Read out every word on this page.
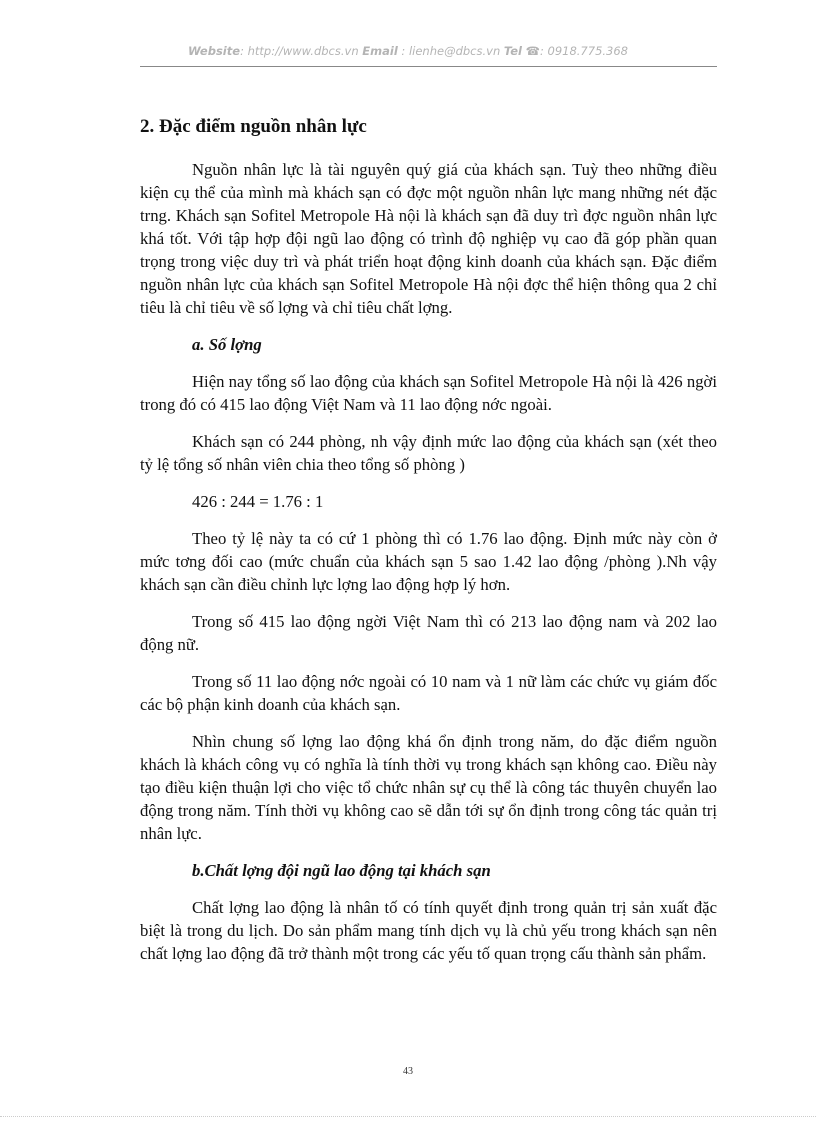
Website: http://www.dbcs.vn Email : lienhe@dbcs.vn Tel ☎: 0918.775.368
2. Đặc điểm nguồn nhân lực

Nguồn nhân lực là tài nguyên quý giá của khách sạn. Tuỳ theo những điều kiện cụ thể của mình mà khách sạn có đợc một nguồn nhân lực mang những nét đặc trng. Khách sạn Sofitel Metropole Hà nội là khách sạn đã duy trì đợc nguồn nhân lực khá tốt. Với tập hợp đội ngũ lao động có trình độ nghiệp vụ cao đã góp phần quan trọng trong việc duy trì và phát triển hoạt động kinh doanh của khách sạn. Đặc điểm nguồn nhân lực của khách sạn Sofitel Metropole Hà nội đợc thể hiện thông qua 2 chỉ tiêu là chỉ tiêu về số lợng và chỉ tiêu chất lợng.

a. Số lợng

Hiện nay tổng số lao động của khách sạn Sofitel Metropole Hà nội là 426 ngời trong đó có 415 lao động Việt Nam và 11 lao động nớc ngoài.

Khách sạn có 244 phòng, nh vậy định mức lao động của khách sạn (xét theo tỷ lệ tổng số nhân viên chia theo tổng số phòng )

426 : 244 = 1.76 : 1

Theo tỷ lệ này ta có cứ 1 phòng thì có 1.76 lao động. Định mức này còn ở mức tơng đối cao (mức chuẩn của khách sạn 5 sao 1.42 lao động /phòng ).Nh vậy khách sạn cần điều chỉnh lực lợng lao động hợp lý hơn.

Trong số 415 lao động ngời Việt Nam thì có 213 lao động nam và 202 lao động nữ.

Trong số 11 lao động nớc ngoài có 10 nam và 1 nữ làm các chức vụ giám đốc các bộ phận kinh doanh của khách sạn.

Nhìn chung số lợng lao động khá ổn định trong năm, do đặc điểm nguồn khách là khách công vụ có nghĩa là tính thời vụ trong khách sạn không cao. Điều này tạo điều kiện thuận lợi cho việc tổ chức nhân sự cụ thể là công tác thuyên chuyển lao động trong năm. Tính thời vụ không cao sẽ dẫn tới sự ổn định trong công tác quản trị nhân lực.

b.Chất lợng đội ngũ lao động tại khách sạn

Chất lợng lao động là nhân tố có tính quyết định trong quản trị sản xuất đặc biệt là trong du lịch. Do sản phẩm mang tính dịch vụ là chủ yếu trong khách sạn nên chất lợng lao động đã trở thành một trong các yếu tố quan trọng cấu thành sản phẩm.

43
